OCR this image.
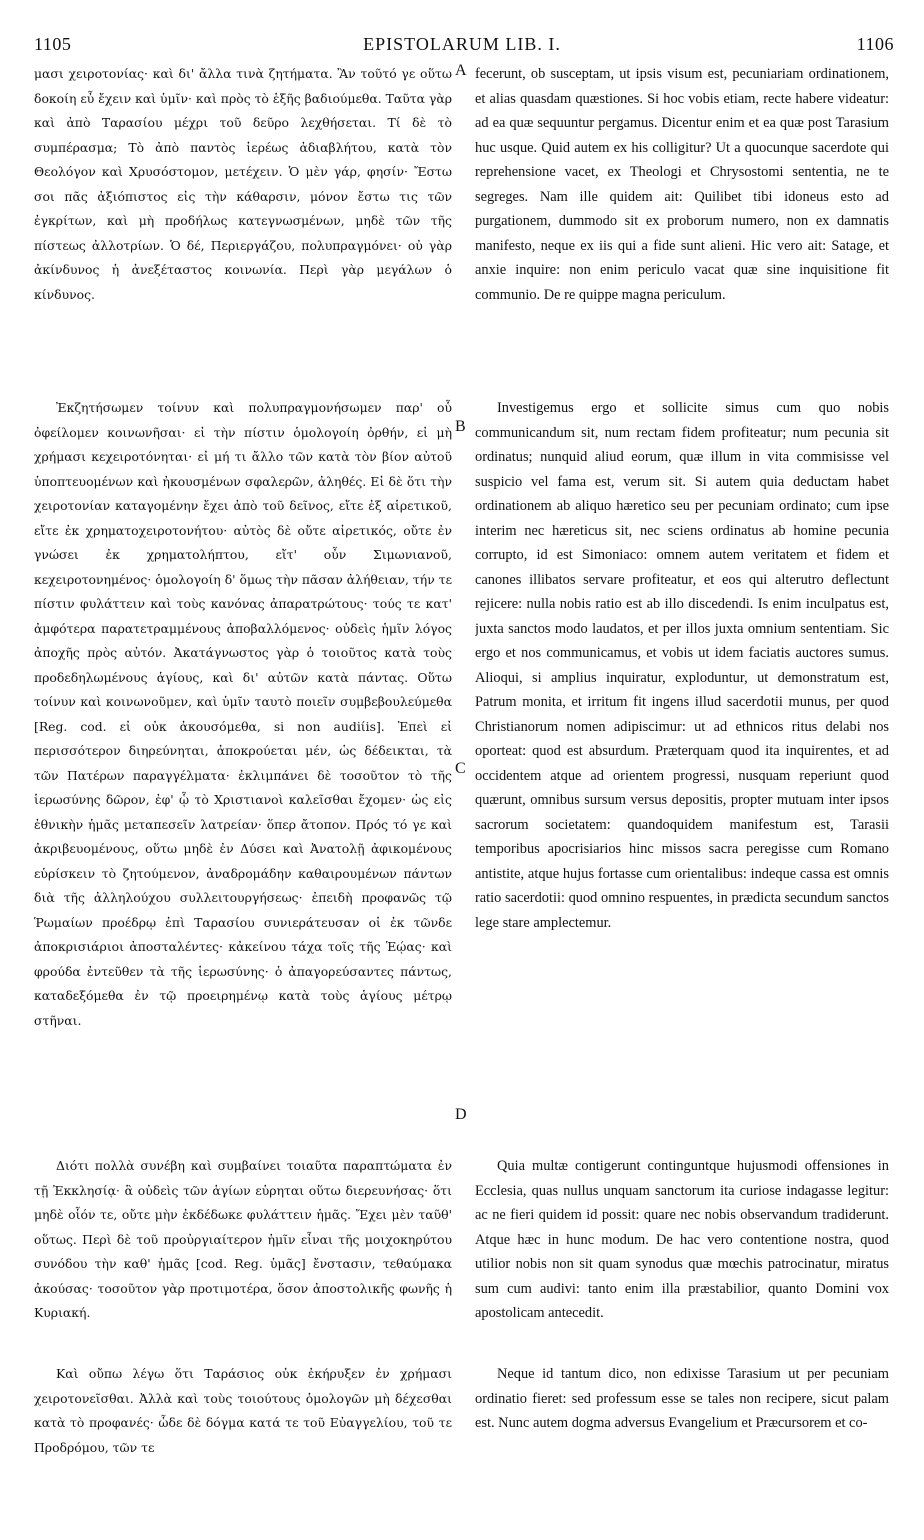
EPISTOLARUM LIB. I.
1105	1106
A
B
C
D

μασι χειροτονίας· καὶ δι' ἄλλα τινὰ ζητήματα. Ἂν τοῦτό γε οὕτω δοκοίη εὖ ἔχειν καὶ ὑμῖν· καὶ πρὸς τὸ ἑξῆς βαδιούμεθα. Ταῦτα γὰρ καὶ ἀπὸ Ταρασίου μέχρι τοῦ δεῦρο λεχθήσεται. Τί δὲ τὸ συμπέρασμα; Τὸ ἀπὸ παντὸς ἱερέως ἀδιαβλήτου, κατὰ τὸν Θεολόγον καὶ Χρυσόστομον, μετέχειν. Ὁ μὲν γάρ, φησίν· Ἔστω σοι πᾶς ἀξιόπιστος εἰς τὴν κάθαρσιν, μόνον ἔστω τις τῶν ἐγκρίτων, καὶ μὴ προδήλως κατεγνωσμένων, μηδὲ τῶν τῆς πίστεως ἀλλοτρίων. Ὁ δέ, Περιεργάζου, πολυπραγμόνει· οὐ γὰρ ἀκίνδυνος ἡ ἀνεξέταστος κοινωνία. Περὶ γὰρ μεγάλων ὁ κίνδυνος.

Ἐκζητήσωμεν τοίνυν καὶ πολυπραγμονήσωμεν παρ' οὗ ὀφείλομεν κοινωνῆσαι· εἰ τὴν πίστιν ὁμολογοίη ὀρθήν, εἰ μὴ χρήμασι κεχειροτόνηται· εἰ μή τι ἄλλο τῶν κατὰ τὸν βίον αὐτοῦ ὑποπτευομένων καὶ ἠκουσμένων σφαλερῶν, ἀληθές. Εἰ δὲ ὅτι τὴν χειροτονίαν καταγομένην ἔχει ἀπὸ τοῦ δεῖνος, εἴτε ἐξ αἱρετικοῦ, εἴτε ἐκ χρηματοχειροτονήτου· αὐτὸς δὲ οὔτε αἱρετικός, οὔτε ἐν γνώσει ἐκ χρηματολήπτου, εἴτ' οὖν Σιμωνιανοῦ, κεχειροτονημένος· ὁμολογοίη δ' ὅμως τὴν πᾶσαν ἀλήθειαν, τήν τε πίστιν φυλάττειν καὶ τοὺς κανόνας ἀπαρατρώτους· τούς τε κατ' ἀμφότερα παρατετραμμένους ἀποβαλλόμενος· οὐδεὶς ἡμῖν λόγος ἀποχῆς πρὸς αὐτόν. Ἀκατάγνωστος γὰρ ὁ τοιοῦτος κατὰ τοὺς προδεδηλωμένους ἁγίους, καὶ δι' αὐτῶν κατὰ πάντας. Οὕτω τοίνυν καὶ κοινωνοῦμεν, καὶ ὑμῖν ταυτὸ ποιεῖν συμβεβουλεύμεθα [Reg. cod. εἰ οὐκ ἀκουσόμεθα, si non audiίis]. Ἐπεὶ εἰ περισσότερον διηρεύνηται, ἀποκρούεται μέν, ὡς δέδεικται, τὰ τῶν Πατέρων παραγγέλματα· ἐκλιμπάνει δὲ τοσοῦτον τὸ τῆς ἱερωσύνης δῶρον, ἐφ' ᾧ τὸ Χριστιανοὶ καλεῖσθαι ἔχομεν· ὡς εἰς ἐθνικὴν ἡμᾶς μεταπεσεῖν λατρείαν· ὅπερ ἄτοπον. Πρός τό γε καὶ ἀκριβευομένους, οὕτω μηδὲ ἐν Δύσει καὶ Ἀνατολῇ ἀφικομένους εὑρίσκειν τὸ ζητούμενον, ἀναδρομάδην καθαιρουμένων πάντων διὰ τῆς ἀλληλούχου συλλειτουργήσεως· ἐπειδὴ προφανῶς τῷ Ῥωμαίων προέδρῳ ἐπὶ Ταρασίου συνιεράτευσαν οἱ ἐκ τῶνδε ἀποκρισιάριοι ἀποσταλέντες· κἀκείνου τάχα τοῖς τῆς Ἑῴας· καὶ φρούδα ἐντεῦθεν τὰ τῆς ἱερωσύνης· ὁ ἀπαγορεύσαντες πάντως, καταδεξόμεθα ἐν τῷ προειρημένῳ κατὰ τοὺς ἁγίους μέτρῳ στῆναι.

Διότι πολλὰ συνέβη καὶ συμβαίνει τοιαῦτα παραπτώματα ἐν τῇ Ἐκκλησίᾳ· ἃ οὐδεὶς τῶν ἁγίων εὑρηται οὕτω διερευνήσας· ὅτι μηδὲ οἷόν τε, οὔτε μὴν ἐκδέδωκε φυλάττειν ἡμᾶς. Ἔχει μὲν ταῦθ' οὕτως. Περὶ δὲ τοῦ προὐργιαίτερον ἡμῖν εἶναι τῆς μοιχοκηρύτου συνόδου τὴν καθ' ἡμᾶς [cod. Reg. ὑμᾶς] ἔνστασιν, τεθαύμακα ἀκούσας· τοσοῦτον γὰρ προτιμοτέρα, ὅσον ἀποστολικῆς φωνῆς ἡ Κυριακή.

Καὶ οὔπω λέγω ὅτι Ταράσιος οὐκ ἐκήρυξεν ἐν χρήμασι χειροτονεῖσθαι. Ἀλλὰ καὶ τοὺς τοιούτους ὁμολογῶν μὴ δέχεσθαι κατὰ τὸ προφανές· ὧδε δὲ δόγμα κατά τε τοῦ Εὐαγγελίου, τοῦ τε Προδρόμου, τῶν τε

fecerunt, ob susceptam, ut ipsis visum est, pecuniariam ordinationem, et alias quasdam quæstiones. Si hoc vobis etiam, recte habere videatur: ad ea quæ sequuntur pergamus. Dicentur enim et ea quæ post Tarasium huc usque. Quid autem ex his colligitur? Ut a quocunque sacerdote qui reprehensione vacet, ex Theologi et Chrysostomi sententia, ne te segreges. Nam ille quidem ait: Quilibet tibi idoneus esto ad purgationem, dummodo sit ex proborum numero, non ex damnatis manifesto, neque ex iis qui a fide sunt alieni. Hic vero ait: Satage, et anxie inquire: non enim periculo vacat quæ sine inquisitione fit communio. De re quippe magna periculum.

Investigemus ergo et sollicite simus cum quo nobis communicandum sit, num rectam fidem profiteatur; num pecunia sit ordinatus; nunquid aliud eorum, quæ illum in vita commisisse vel suspicio vel fama est, verum sit. Si autem quia deductam habet ordinationem ab aliquo hæretico seu per pecuniam ordinato; cum ipse interim nec hæreticus sit, nec sciens ordinatus ab homine pecunia corrupto, id est Simoniaco: omnem autem veritatem et fidem et canones illibatos servare profiteatur, et eos qui alterutro deflectunt rejicere: nulla nobis ratio est ab illo discedendi. Is enim inculpatus est, juxta sanctos modo laudatos, et per illos juxta omnium sententiam. Sic ergo et nos communicamus, et vobis ut idem faciatis auctores sumus. Alioqui, si amplius inquiratur, exploduntur, ut demonstratum est, Patrum monita, et irritum fit ingens illud sacerdotii munus, per quod Christianorum nomen adipiscimur: ut ad ethnicos ritus delabi nos oporteat: quod est absurdum. Præterquam quod ita inquirentes, et ad occidentem atque ad orientem progressi, nusquam reperiunt quod quærunt, omnibus sursum versus depositis, propter mutuam inter ipsos sacrorum societatem: quandoquidem manifestum est, Tarasii temporibus apocrisiarios hinc missos sacra peregisse cum Romano antistite, atque hujus fortasse cum orientalibus: indeque cassa est omnis ratio sacerdotii: quod omnino respuentes, in prædicta secundum sanctos lege stare amplectemur.

Quia multæ contigerunt continguntque hujusmodi offensiones in Ecclesia, quas nullus unquam sanctorum ita curiose indagasse legitur: ac ne fieri quidem id possit: quare nec nobis observandum tradiderunt. Atque hæc in hunc modum. De hac vero contentione nostra, quod utilior nobis non sit quam synodus quæ mœchis patrocinatur, miratus sum cum audivi: tanto enim illa præstabilior, quanto Domini vox apostolicam antecedit.

Neque id tantum dico, non edixisse Tarasium ut per pecuniam ordinatio fieret: sed professum esse se tales non recipere, sicut palam est. Nunc autem dogma adversus Evangelium et Præcursorem et co-
